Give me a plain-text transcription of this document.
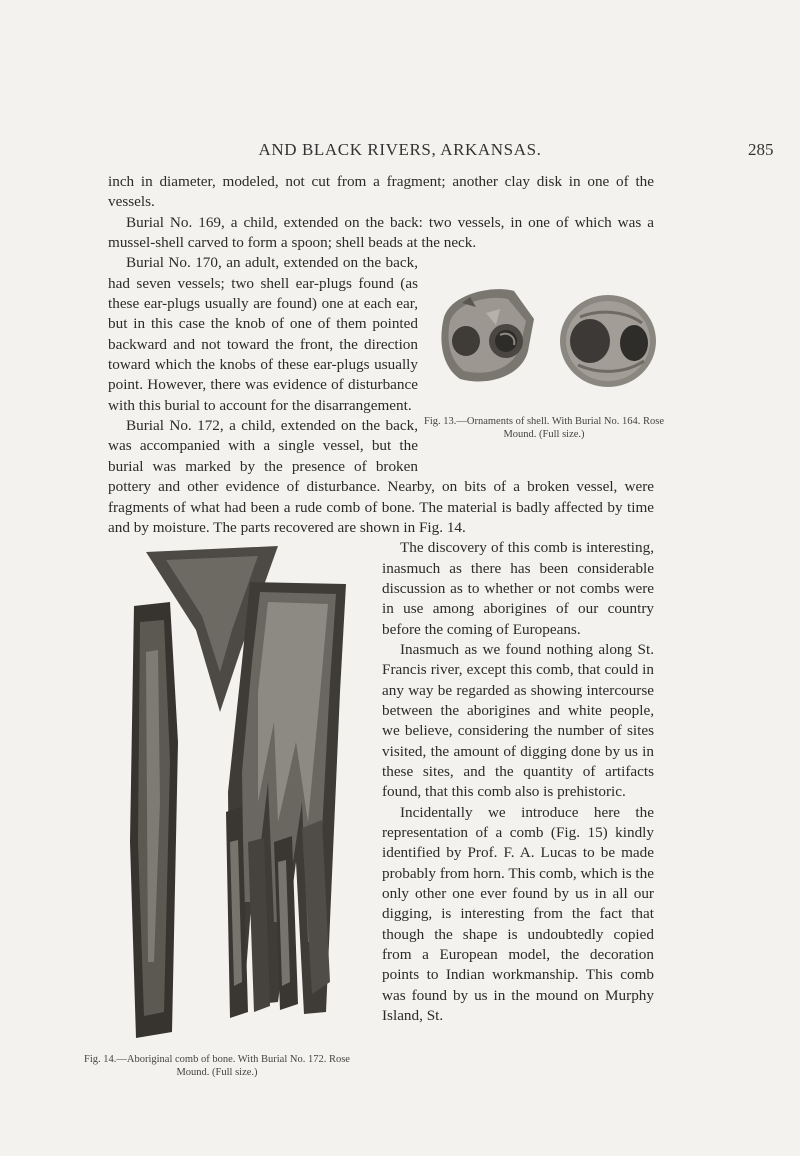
AND BLACK RIVERS, ARKANSAS.	285

inch in diameter, modeled, not cut from a fragment; another clay disk in one of the vessels.

Burial No. 169, a child, extended on the back: two vessels, in one of which was a mussel-shell carved to form a spoon; shell beads at the neck.

Fig. 13.—Ornaments of shell. With Burial No. 164. Rose Mound. (Full size.)

Burial No. 170, an adult, extended on the back, had seven vessels; two shell ear-plugs found (as these ear-plugs usually are found) one at each ear, but in this case the knob of one of them pointed backward and not toward the front, the direction toward which the knobs of these ear-plugs usually point. However, there was evidence of disturbance with this burial to account for the disarrangement.

Burial No. 172, a child, extended on the back, was accompanied with a single vessel, but the burial was marked by the presence of broken pottery and other evidence of disturbance. Nearby, on bits of a broken vessel, were fragments of what had been a rude comb of bone. The material is badly affected by time and by moisture. The parts recovered are shown in Fig. 14.

Fig. 14.—Aboriginal comb of bone. With Burial No. 172. Rose Mound. (Full size.)

The discovery of this comb is interesting, inasmuch as there has been considerable discussion as to whether or not combs were in use among aborigines of our country before the coming of Europeans.

Inasmuch as we found nothing along St. Francis river, except this comb, that could in any way be regarded as showing intercourse between the aborigines and white people, we believe, considering the number of sites visited, the amount of digging done by us in these sites, and the quantity of artifacts found, that this comb also is prehistoric.

Incidentally we introduce here the representation of a comb (Fig. 15) kindly identified by Prof. F. A. Lucas to be made probably from horn. This comb, which is the only other one ever found by us in all our digging, is interesting from the fact that though the shape is undoubtedly copied from a European model, the decoration points to Indian workmanship. This comb was found by us in the mound on Murphy Island, St.
